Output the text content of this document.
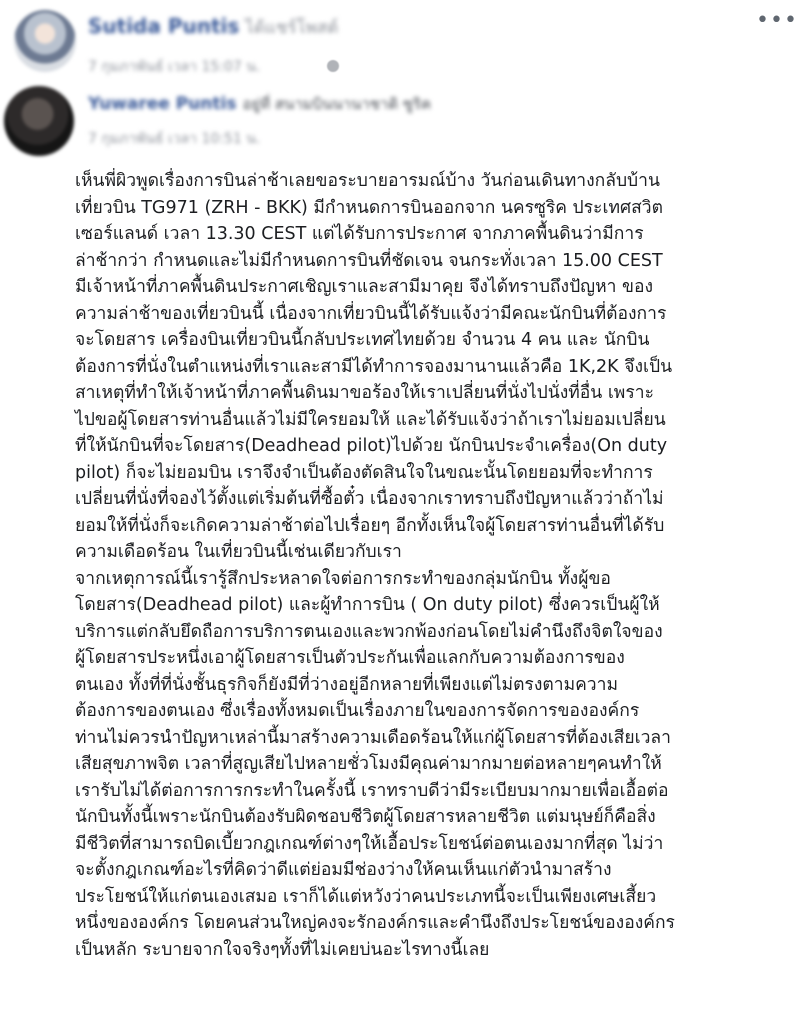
Sutida Puntis ได้แชร์โพสต์
7 กุมภาพันธ์ เวลา 15:07 น.
•••
Yuwaree Puntis อยู่ที่ สนามบินนานาชาติ ซูริค
7 กุมภาพันธ์ เวลา 10:51 น.

เห็นพี่ผิวพูดเรื่องการบินล่าช้าเลยขอระบายอารมณ์บ้าง วันก่อนเดินทางกลับบ้าน
เที่ยวบิน TG971 (ZRH - BKK) มีกำหนดการบินออกจาก นครซูริค ประเทศสวิต
เซอร์แลนด์ เวลา 13.30 CEST แต่ได้รับการประกาศ จากภาคพื้นดินว่ามีการ
ล่าช้ากว่า กำหนดและไม่มีกำหนดการบินที่ชัดเจน จนกระทั่งเวลา 15.00 CEST
มีเจ้าหน้าที่ภาคพื้นดินประกาศเชิญเราและสามีมาคุย จึงได้ทราบถึงปัญหา ของ
ความล่าช้าของเที่ยวบินนี้ เนื่องจากเที่ยวบินนี้ได้รับแจ้งว่ามีคณะนักบินที่ต้องการ
จะโดยสาร เครื่องบินเที่ยวบินนี้กลับประเทศไทยด้วย จำนวน 4 คน และ นักบิน
ต้องการที่นั่งในตำแหน่งที่เราและสามีได้ทำการจองมานานแล้วคือ 1K,2K จึงเป็น
สาเหตุที่ทำให้เจ้าหน้าที่ภาคพื้นดินมาขอร้องให้เราเปลี่ยนที่นั่งไปนั่งที่อื่น เพราะ
ไปขอผู้โดยสารท่านอื่นแล้วไม่มีใครยอมให้ และได้รับแจ้งว่าถ้าเราไม่ยอมเปลี่ยน
ที่ให้นักบินที่จะโดยสาร(Deadhead pilot)ไปด้วย นักบินประจำเครื่อง(On duty
pilot) ก็จะไม่ยอมบิน เราจึงจำเป็นต้องตัดสินใจในขณะนั้นโดยยอมที่จะทำการ
เปลี่ยนที่นั่งที่จองไว้ตั้งแต่เริ่มต้นที่ซื้อตั๋ว เนื่องจากเราทราบถึงปัญหาแล้วว่าถ้าไม่
ยอมให้ที่นั่งก็จะเกิดความล่าช้าต่อไปเรื่อยๆ อีกทั้งเห็นใจผู้โดยสารท่านอื่นที่ได้รับ
ความเดือดร้อน ในเที่ยวบินนี้เช่นเดียวกับเรา
จากเหตุการณ์นี้เรารู้สึกประหลาดใจต่อการกระทำของกลุ่มนักบิน ทั้งผู้ขอ
โดยสาร(Deadhead pilot) และผู้ทำการบิน ( On duty pilot) ซึ่งควรเป็นผู้ให้
บริการแต่กลับยึดถือการบริการตนเองและพวกพ้องก่อนโดยไม่คำนึงถึงจิตใจของ
ผู้โดยสารประหนึ่งเอาผู้โดยสารเป็นตัวประกันเพื่อแลกกับความต้องการของ
ตนเอง ทั้งที่ที่นั่งชั้นธุรกิจก็ยังมีที่ว่างอยู่อีกหลายที่เพียงแต่ไม่ตรงตามความ
ต้องการของตนเอง ซึ่งเรื่องทั้งหมดเป็นเรื่องภายในของการจัดการขององค์กร
ท่านไม่ควรนำปัญหาเหล่านี้มาสร้างความเดือดร้อนให้แก่ผู้โดยสารที่ต้องเสียเวลา
เสียสุขภาพจิต เวลาที่สูญเสียไปหลายชั่วโมงมีคุณค่ามากมายต่อหลายๆคนทำให้
เรารับไม่ได้ต่อการการกระทำในครั้งนี้ เราทราบดีว่ามีระเบียบมากมายเพื่อเอื้อต่อ
นักบินทั้งนี้เพราะนักบินต้องรับผิดชอบชีวิตผู้โดยสารหลายชีวิต แต่มนุษย์ก็คือสิ่ง
มีชีวิตที่สามารถบิดเบี้ยวกฎเกณฑ์ต่างๆให้เอื้อประโยชน์ต่อตนเองมากที่สุด ไม่ว่า
จะตั้งกฎเกณฑ์อะไรที่คิดว่าดีแต่ย่อมมีช่องว่างให้คนเห็นแก่ตัวนำมาสร้าง
ประโยชน์ให้แก่ตนเองเสมอ เราก็ได้แต่หวังว่าคนประเภทนี้จะเป็นเพียงเศษเสี้ยว
หนึ่งขององค์กร โดยคนส่วนใหญ่คงจะรักองค์กรและคำนึงถึงประโยชน์ขององค์กร
เป็นหลัก ระบายจากใจจริงๆทั้งที่ไม่เคยบ่นอะไรทางนี้เลย
